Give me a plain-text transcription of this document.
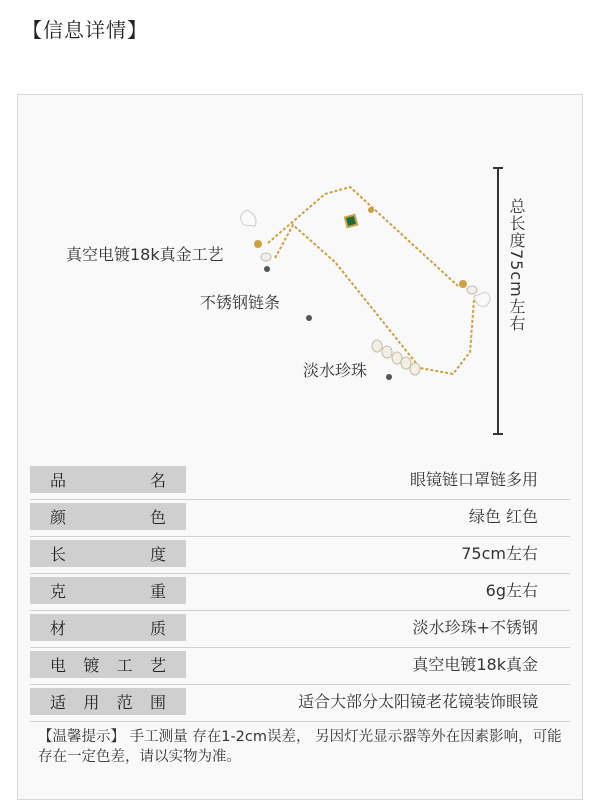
【信息详情】
真空电镀18k真金工艺
不锈钢链条
淡水珍珠
总长度75cm左右
品名	眼镜链口罩链多用
颜色	绿色 红色
长度	75cm左右
克重	6g左右
材质	淡水珍珠+不锈钢
电镀工艺	真空电镀18k真金
适用范围	适合大部分太阳镜老花镜装饰眼镜
【温馨提示】 手工测量 存在1-2cm误差， 另因灯光显示器等外在因素影响，可能存在一定色差，请以实物为准。
